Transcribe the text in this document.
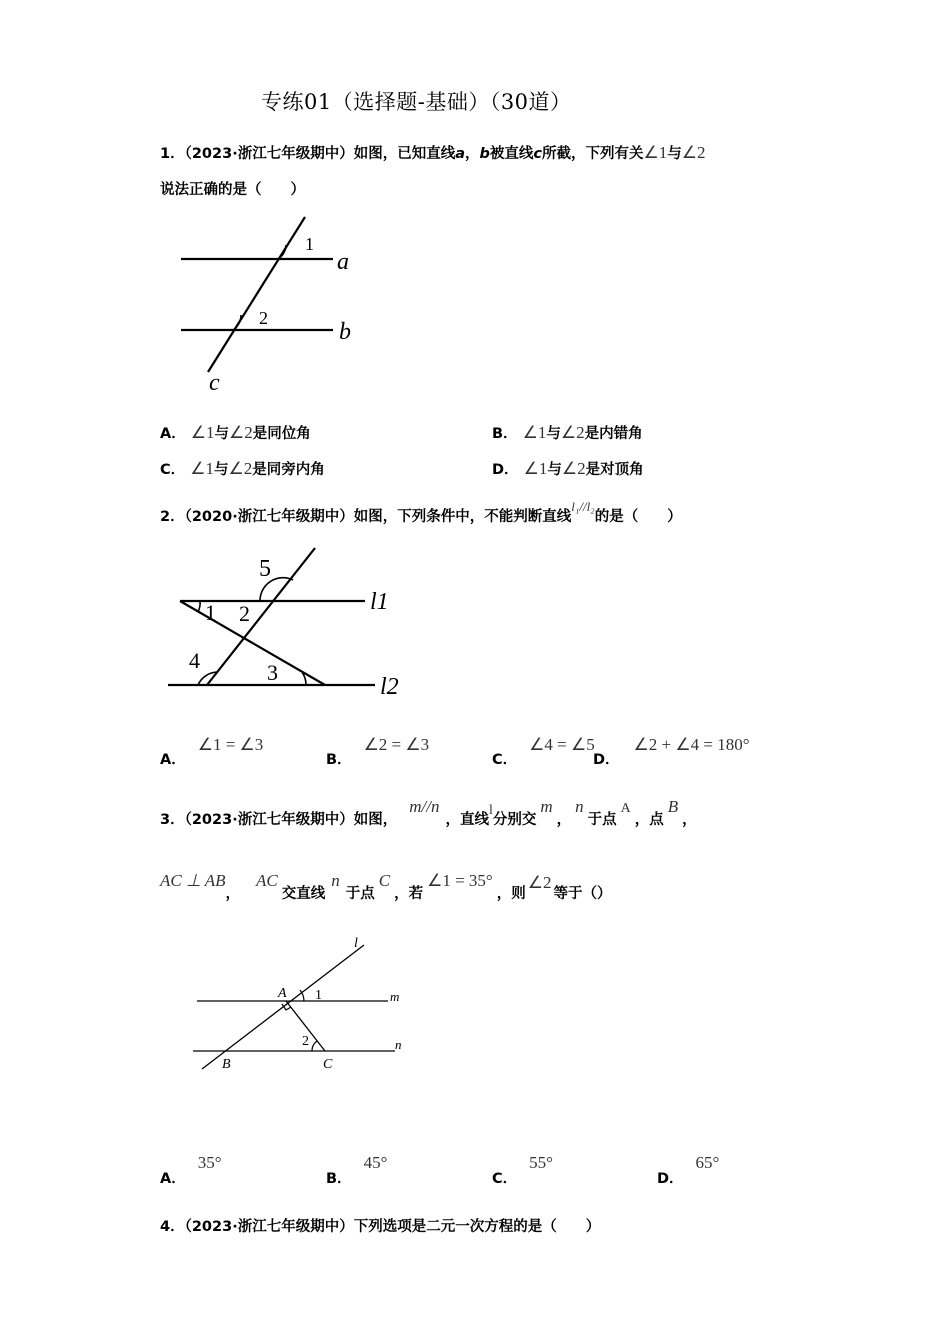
专练01（选择题-基础）（30道）
1．（2023·浙江七年级期中）如图，已知直线a，b被直线c所截，下列有关∠1与∠2
说法正确的是（　　）
1
2
a
b
c
A． ∠1与∠2是同位角	B． ∠1与∠2是内错角
C． ∠1与∠2是同旁内角	D． ∠1与∠2是对顶角
2．（2020·浙江七年级期中）如图，下列条件中，不能判断直线l₁//l₂的是（　　）
1 2
3
4
5
l1
l2
A．∠1 = ∠3
B．∠2 = ∠3
C．∠4 = ∠5
D．∠2 + ∠4 = 180°
3．（2023·浙江七年级期中）如图，m//n，直线l分别交m，n于点A，点B，
AC ⊥ AB，AC交直线n于点C，若∠1 = 35°，则∠2等于（）
l
m
n
A
B	C
1
2
A．35°
B．45°
C．55°
D．65°
4．（2023·浙江七年级期中）下列选项是二元一次方程的是（　　）
